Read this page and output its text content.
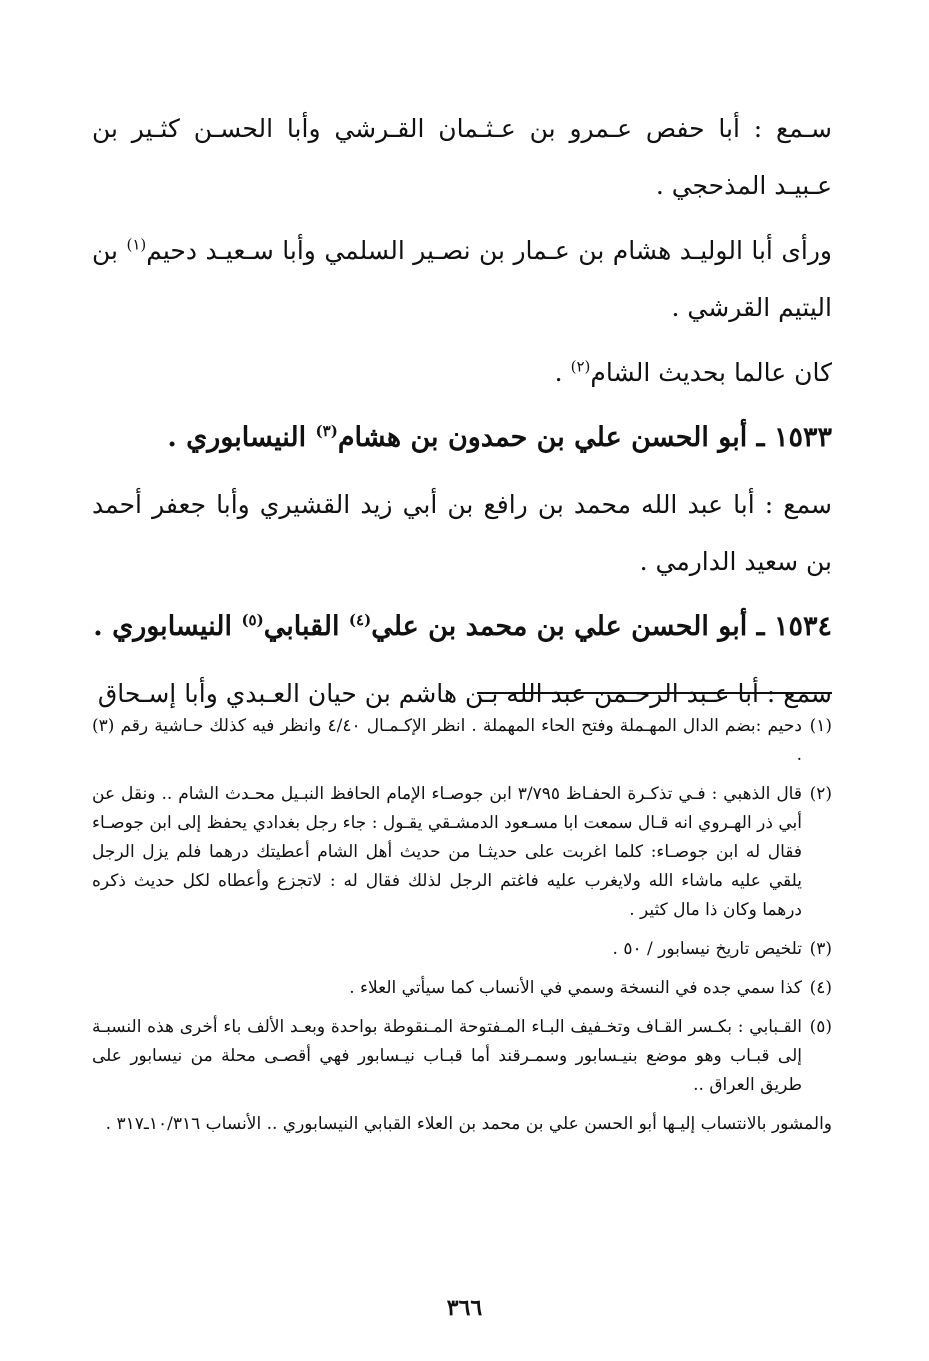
سـمع : أبا حفص عـمرو بن عـثـمان القـرشي وأبا الحسـن كثـير بن عـبيـد المذحجي .

ورأى أبا الوليـد هشام بن عـمار بن نصـير السلمي وأبا سـعيـد دحيم$^{(١)}$ بن اليتيم القرشي .

كان عالما بحديث الشام$^{(٢)}$ .

١٥٣٣ ـ أبو الحسن علي بن حمدون بن هشام$^{(٣)}$ النيسابوري .

سمع : أبا عبد الله محمد بن رافع بن أبي زيد القشيري وأبا جعفر أحمد بن سعيد الدارمي .

١٥٣٤ ـ أبو الحسن علي بن محمد بن علي$^{(٤)}$ القبابي$^{(٥)}$ النيسابوري .

سمع : أبا عـبد الرحـمن عبد الله بـن هاشم بن حيان العـبدي وأبا إسـحاق

(١)
دحيم :بضم الدال المهـملة وفتح الحاء المهملة . انظر الإكـمـال ٤/٤٠ وانظر فيه كذلك حـاشية رقم (٣) .
(٢)
قال الذهبي : فـي تذكـرة الحفـاظ ٣/٧٩٥ ابن جوصـاء الإمام الحافظ النبـيل محـدث الشام .. ونقل عن أبي ذر الهـروي انه قـال سمعت ابا مسـعود الدمشـقي يقـول : جاء رجل بغدادي يحفظ إلى ابن جوصـاء فقال له ابن جوصـاء: كلما اغربت على حديثـا من حديث أهل الشام أعطيتك درهما فلم يزل الرجل يلقي عليه ماشاء الله ولايغرب عليه فاغتم الرجل لذلك فقال له : لاتجزع وأعطاه لكل حديث ذكره درهما وكان ذا مال كثير .
(٣)
تلخيص تاريخ نيسابور / ٥٠ .
(٤)
كذا سمي جده في النسخة وسمي في الأنساب كما سيأتي العلاء .
(٥)
القـبابي : بكـسر القـاف وتخـفيف البـاء المـفتوحة المـنقوطة بواحدة وبعـد الألف باء أخرى هذه النسبـة إلى قبـاب وهو موضع بنيـسابور وسمـرقند أما قبـاب نيـسابور فهي أقصـى محلة من نيسابور على طريق العراق ..
والمشور بالانتساب إليـها أبو الحسن علي بن محمد بن العلاء القبابي النيسابوري .. الأنساب ١٠/٣١٦ـ٣١٧ .
٣٦٦
